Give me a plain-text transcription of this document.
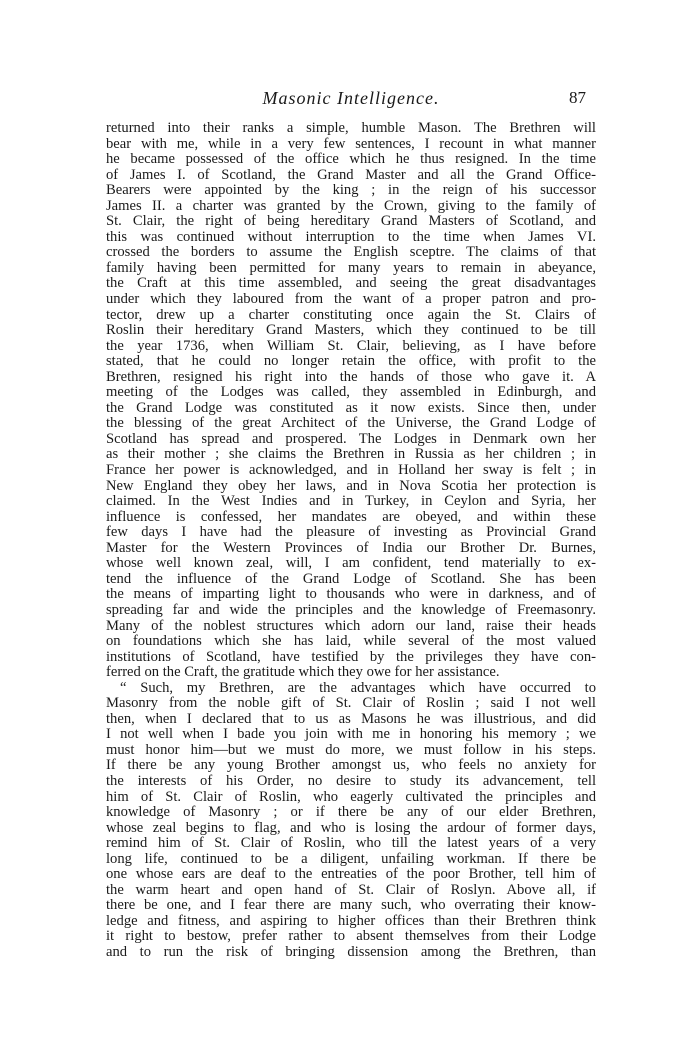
Masonic Intelligence.	87
returned into their ranks a simple, humble Mason. The Brethren will
bear with me, while in a very few sentences, I recount in what manner
he became possessed of the office which he thus resigned. In the time
of James I. of Scotland, the Grand Master and all the Grand Office-
Bearers were appointed by the king ; in the reign of his successor
James II. a charter was granted by the Crown, giving to the family of
St. Clair, the right of being hereditary Grand Masters of Scotland, and
this was continued without interruption to the time when James VI.
crossed the borders to assume the English sceptre. The claims of that
family having been permitted for many years to remain in abeyance,
the Craft at this time assembled, and seeing the great disadvantages
under which they laboured from the want of a proper patron and pro-
tector, drew up a charter constituting once again the St. Clairs of
Roslin their hereditary Grand Masters, which they continued to be till
the year 1736, when William St. Clair, believing, as I have before
stated, that he could no longer retain the office, with profit to the
Brethren, resigned his right into the hands of those who gave it. A
meeting of the Lodges was called, they assembled in Edinburgh, and
the Grand Lodge was constituted as it now exists. Since then, under
the blessing of the great Architect of the Universe, the Grand Lodge of
Scotland has spread and prospered. The Lodges in Denmark own her
as their mother ; she claims the Brethren in Russia as her children ; in
France her power is acknowledged, and in Holland her sway is felt ; in
New England they obey her laws, and in Nova Scotia her protection is
claimed. In the West Indies and in Turkey, in Ceylon and Syria, her
influence is confessed, her mandates are obeyed, and within these
few days I have had the pleasure of investing as Provincial Grand
Master for the Western Provinces of India our Brother Dr. Burnes,
whose well known zeal, will, I am confident, tend materially to ex-
tend the influence of the Grand Lodge of Scotland. She has been
the means of imparting light to thousands who were in darkness, and of
spreading far and wide the principles and the knowledge of Freemasonry.
Many of the noblest structures which adorn our land, raise their heads
on foundations which she has laid, while several of the most valued
institutions of Scotland, have testified by the privileges they have con-
ferred on the Craft, the gratitude which they owe for her assistance.
“ Such, my Brethren, are the advantages which have occurred to
Masonry from the noble gift of St. Clair of Roslin ; said I not well
then, when I declared that to us as Masons he was illustrious, and did
I not well when I bade you join with me in honoring his memory ; we
must honor him—but we must do more, we must follow in his steps.
If there be any young Brother amongst us, who feels no anxiety for
the interests of his Order, no desire to study its advancement, tell
him of St. Clair of Roslin, who eagerly cultivated the principles and
knowledge of Masonry ; or if there be any of our elder Brethren,
whose zeal begins to flag, and who is losing the ardour of former days,
remind him of St. Clair of Roslin, who till the latest years of a very
long life, continued to be a diligent, unfailing workman. If there be
one whose ears are deaf to the entreaties of the poor Brother, tell him of
the warm heart and open hand of St. Clair of Roslyn. Above all, if
there be one, and I fear there are many such, who overrating their know-
ledge and fitness, and aspiring to higher offices than their Brethren think
it right to bestow, prefer rather to absent themselves from their Lodge
and to run the risk of bringing dissension among the Brethren, than
